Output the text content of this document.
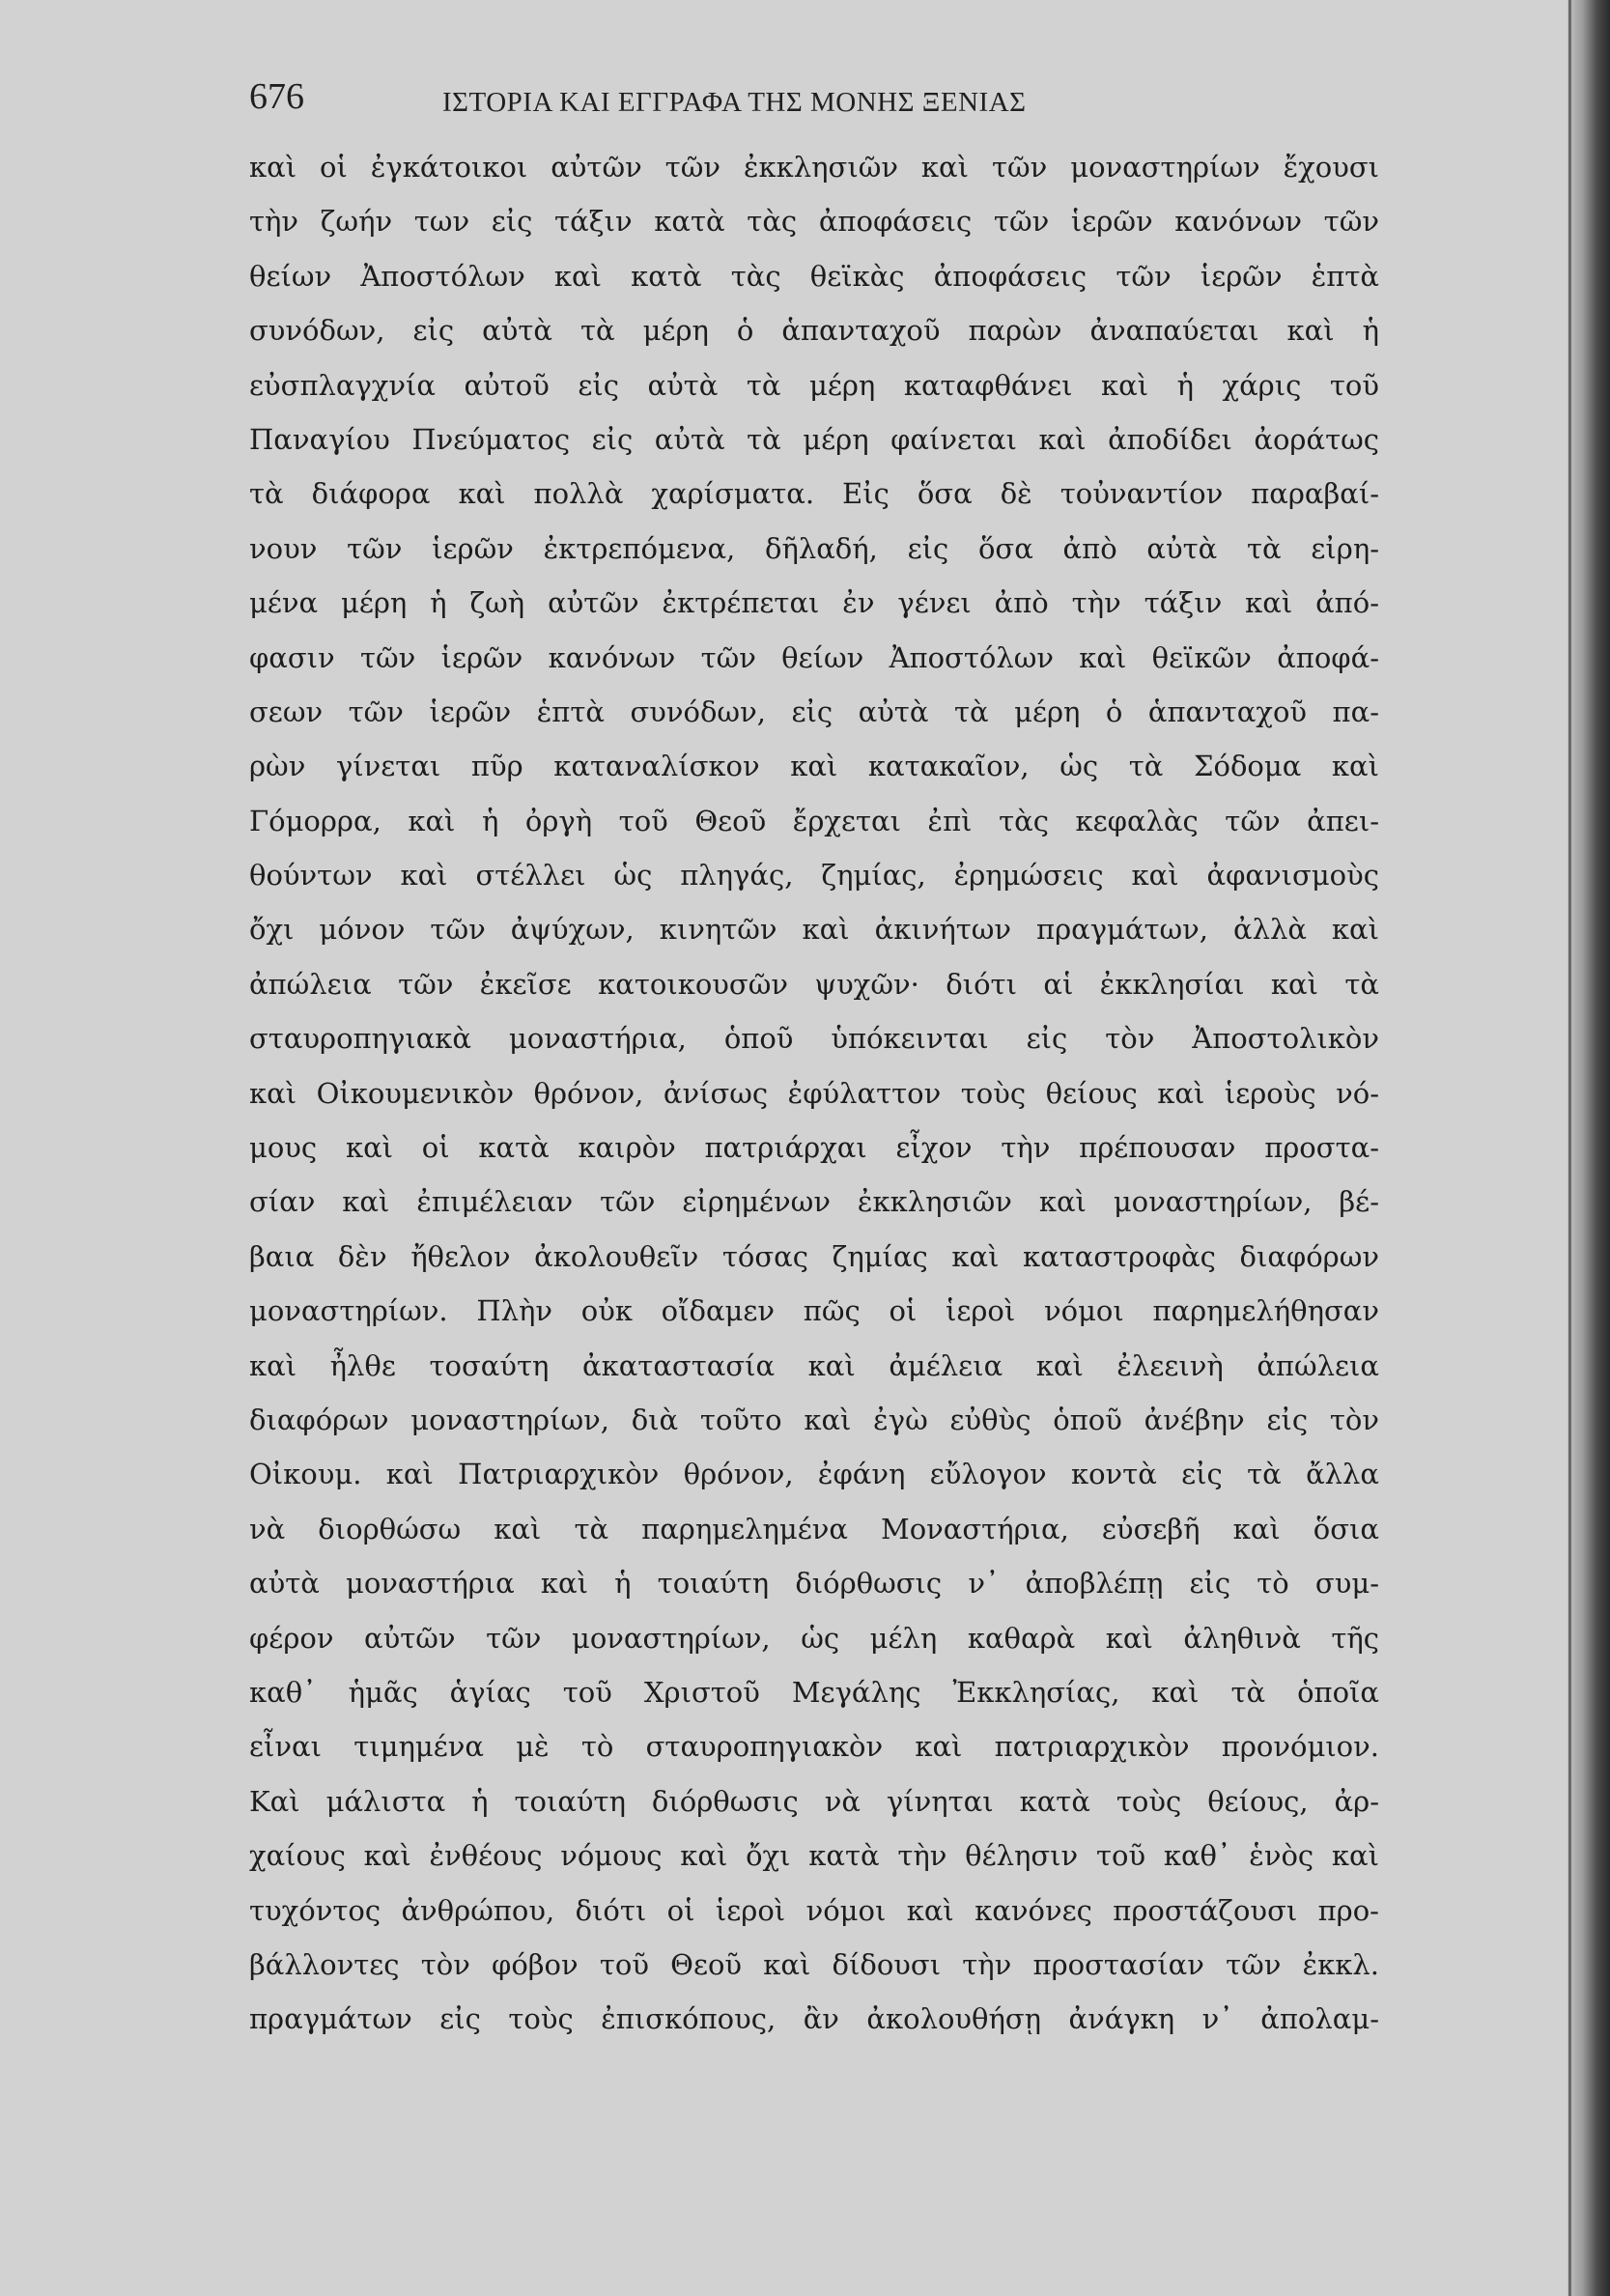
676	ΙΣΤΟΡΙΑ ΚΑΙ ΕΓΓΡΑΦΑ ΤΗΣ ΜΟΝΗΣ ΞΕΝΙΑΣ
καὶ οἱ ἐγκάτοικοι αὐτῶν τῶν ἐκκλησιῶν καὶ τῶν μοναστηρίων ἔχουσι
τὴν ζωήν των εἰς τάξιν κατὰ τὰς ἀποφάσεις τῶν ἱερῶν κανόνων τῶν
θείων Ἀποστόλων καὶ κατὰ τὰς θεϊκὰς ἀποφάσεις τῶν ἱερῶν ἑπτὰ
συνόδων, εἰς αὐτὰ τὰ μέρη ὁ ἁπανταχοῦ παρὼν ἀναπαύεται καὶ ἡ
εὐσπλαγχνία αὐτοῦ εἰς αὐτὰ τὰ μέρη καταφθάνει καὶ ἡ χάρις τοῦ
Παναγίου Πνεύματος εἰς αὐτὰ τὰ μέρη φαίνεται καὶ ἀποδίδει ἀοράτως
τὰ διάφορα καὶ πολλὰ χαρίσματα. Εἰς ὅσα δὲ τοὐναντίον παραβαί-
νουν τῶν ἱερῶν ἐκτρεπόμενα, δῆλαδή, εἰς ὅσα ἀπὸ αὐτὰ τὰ εἰρη-
μένα μέρη ἡ ζωὴ αὐτῶν ἐκτρέπεται ἐν γένει ἀπὸ τὴν τάξιν καὶ ἀπό-
φασιν τῶν ἱερῶν κανόνων τῶν θείων Ἀποστόλων καὶ θεϊκῶν ἀποφά-
σεων τῶν ἱερῶν ἑπτὰ συνόδων, εἰς αὐτὰ τὰ μέρη ὁ ἁπανταχοῦ πα-
ρὼν γίνεται πῦρ καταναλίσκον καὶ κατακαῖον, ὡς τὰ Σόδομα καὶ
Γόμορρα, καὶ ἡ ὀργὴ τοῦ Θεοῦ ἔρχεται ἐπὶ τὰς κεφαλὰς τῶν ἀπει-
θούντων καὶ στέλλει ὡς πληγάς, ζημίας, ἐρημώσεις καὶ ἀφανισμοὺς
ὄχι μόνον τῶν ἀψύχων, κινητῶν καὶ ἀκινήτων πραγμάτων, ἀλλὰ καὶ
ἀπώλεια τῶν ἐκεῖσε κατοικουσῶν ψυχῶν· διότι αἱ ἐκκλησίαι καὶ τὰ
σταυροπηγιακὰ μοναστήρια, ὁποῦ ὑπόκεινται εἰς τὸν Ἀποστολικὸν
καὶ Οἰκουμενικὸν θρόνον, ἀνίσως ἐφύλαττον τοὺς θείους καὶ ἱεροὺς νό-
μους καὶ οἱ κατὰ καιρὸν πατριάρχαι εἶχον τὴν πρέπουσαν προστα-
σίαν καὶ ἐπιμέλειαν τῶν εἰρημένων ἐκκλησιῶν καὶ μοναστηρίων, βέ-
βαια δὲν ἤθελον ἀκολουθεῖν τόσας ζημίας καὶ καταστροφὰς διαφόρων
μοναστηρίων. Πλὴν οὐκ οἴδαμεν πῶς οἱ ἱεροὶ νόμοι παρημελήθησαν
καὶ ἦλθε τοσαύτη ἀκαταστασία καὶ ἀμέλεια καὶ ἐλεεινὴ ἀπώλεια
διαφόρων μοναστηρίων, διὰ τοῦτο καὶ ἐγὼ εὐθὺς ὁποῦ ἀνέβην εἰς τὸν
Οἰκουμ. καὶ Πατριαρχικὸν θρόνον, ἐφάνη εὔλογον κοντὰ εἰς τὰ ἄλλα
νὰ διορθώσω καὶ τὰ παρημελημένα Μοναστήρια, εὐσεβῆ καὶ ὅσια
αὐτὰ μοναστήρια καὶ ἡ τοιαύτη διόρθωσις ν᾽ ἀποβλέπῃ εἰς τὸ συμ-
φέρον αὐτῶν τῶν μοναστηρίων, ὡς μέλη καθαρὰ καὶ ἀληθινὰ τῆς
καθ᾽ ἡμᾶς ἁγίας τοῦ Χριστοῦ Μεγάλης Ἐκκλησίας, καὶ τὰ ὁποῖα
εἶναι τιμημένα μὲ τὸ σταυροπηγιακὸν καὶ πατριαρχικὸν προνόμιον.
Καὶ μάλιστα ἡ τοιαύτη διόρθωσις νὰ γίνηται κατὰ τοὺς θείους, ἀρ-
χαίους καὶ ἐνθέους νόμους καὶ ὄχι κατὰ τὴν θέλησιν τοῦ καθ᾽ ἑνὸς καὶ
τυχόντος ἀνθρώπου, διότι οἱ ἱεροὶ νόμοι καὶ κανόνες προστάζουσι προ-
βάλλοντες τὸν φόβον τοῦ Θεοῦ καὶ δίδουσι τὴν προστασίαν τῶν ἐκκλ.
πραγμάτων εἰς τοὺς ἐπισκόπους, ἂν ἀκολουθήσῃ ἀνάγκη ν᾽ ἀπολαμ-
